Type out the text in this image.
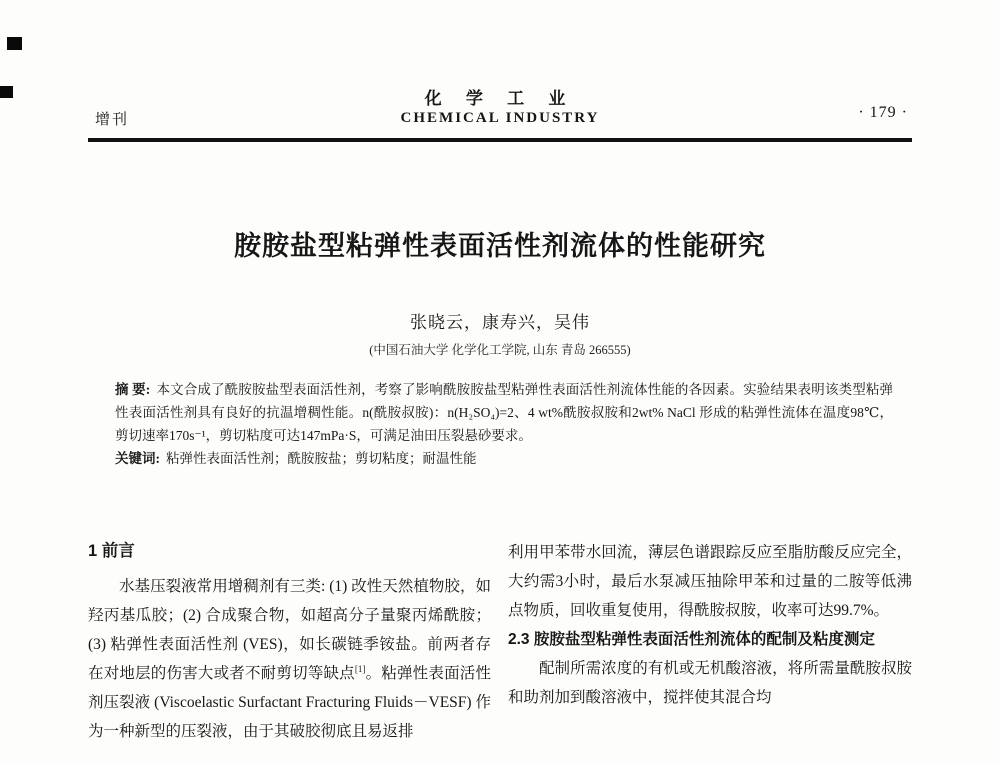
增刊
化 学 工 业
CHEMICAL INDUSTRY	· 179 ·
胺胺盐型粘弹性表面活性剂流体的性能研究
张晓云，康寿兴，吴伟
(中国石油大学 化学化工学院, 山东 青岛 266555)

摘 要: 本文合成了酰胺胺盐型表面活性剂，考察了影响酰胺胺盐型粘弹性表面活性剂流体性能的各因素。实验结果表明该类型粘弹性表面活性剂具有良好的抗温增稠性能。n(酰胺叔胺)：n(H₂SO₄)=2、4 wt%酰胺叔胺和2wt% NaCl 形成的粘弹性流体在温度98℃，剪切速率170s⁻¹，剪切粘度可达147mPa·S，可满足油田压裂悬砂要求。

关键词: 粘弹性表面活性剂；酰胺胺盐；剪切粘度；耐温性能

1 前言

水基压裂液常用增稠剂有三类: (1) 改性天然植物胶，如羟丙基瓜胶；(2) 合成聚合物，如超高分子量聚丙烯酰胺；(3) 粘弹性表面活性剂 (VES)，如长碳链季铵盐。前两者存在对地层的伤害大或者不耐剪切等缺点[1]。粘弹性表面活性剂压裂液 (Viscoelastic Surfactant Fracturing Fluids－VESF) 作为一种新型的压裂液，由于其破胶彻底且易返排

利用甲苯带水回流，薄层色谱跟踪反应至脂肪酸反应完全，大约需3小时，最后水泵减压抽除甲苯和过量的二胺等低沸点物质，回收重复使用，得酰胺叔胺，收率可达99.7%。

2.3 胺胺盐型粘弹性表面活性剂流体的配制及粘度测定

配制所需浓度的有机或无机酸溶液，将所需量酰胺叔胺和助剂加到酸溶液中，搅拌使其混合均
